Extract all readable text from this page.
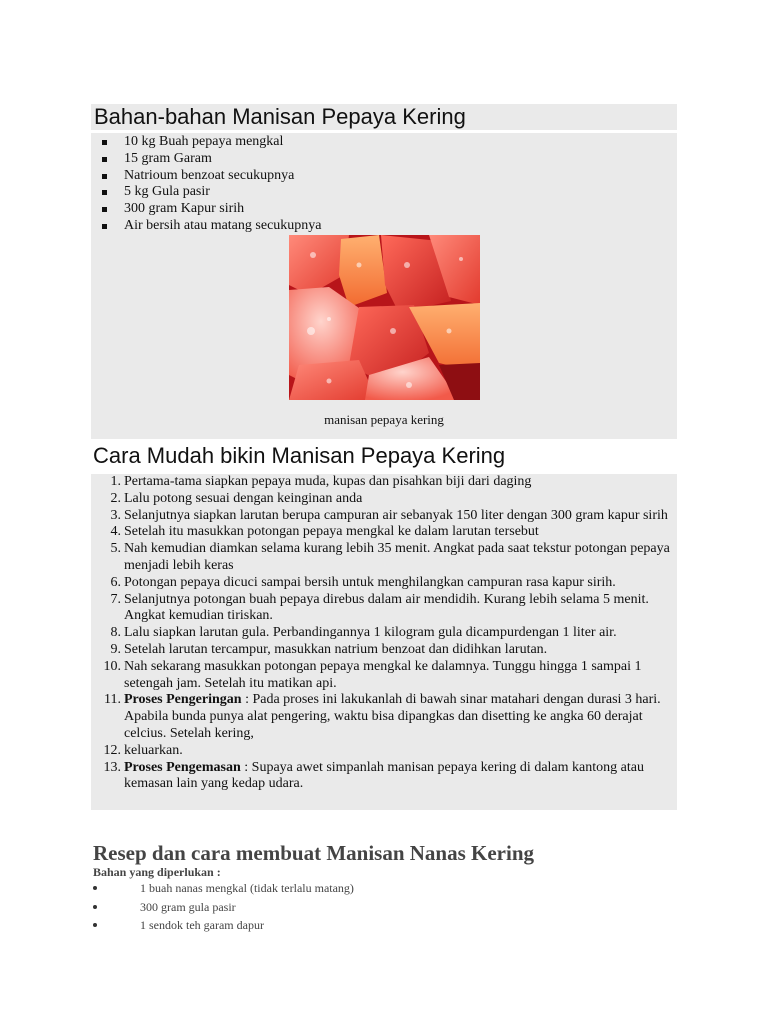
Bahan-bahan Manisan Pepaya Kering
10 kg Buah pepaya mengkal
15 gram Garam
Natrioum benzoat secukupnya
5 kg Gula pasir
300 gram Kapur sirih
Air bersih atau matang secukupnya
manisan pepaya kering
Cara Mudah bikin Manisan Pepaya Kering
1. Pertama-tama siapkan pepaya muda, kupas dan pisahkan biji dari daging
2. Lalu potong sesuai dengan keinginan anda
3. Selanjutnya siapkan larutan berupa campuran air sebanyak 150 liter dengan 300 gram kapur sirih
4. Setelah itu masukkan potongan pepaya mengkal ke dalam larutan tersebut
5. Nah kemudian diamkan selama kurang lebih 35 menit. Angkat pada saat tekstur potongan pepaya menjadi lebih keras
6. Potongan pepaya dicuci sampai bersih untuk menghilangkan campuran rasa kapur sirih.
7. Selanjutnya potongan buah pepaya direbus dalam air mendidih. Kurang lebih selama 5 menit. Angkat kemudian tiriskan.
8. Lalu siapkan larutan gula. Perbandingannya 1 kilogram gula dicampurdengan 1 liter air.
9. Setelah larutan tercampur, masukkan natrium benzoat dan didihkan larutan.
10. Nah sekarang masukkan potongan pepaya mengkal ke dalamnya. Tunggu hingga 1 sampai 1 setengah jam. Setelah itu matikan api.
11. Proses Pengeringan : Pada proses ini lakukanlah di bawah sinar matahari dengan durasi 3 hari. Apabila bunda punya alat pengering, waktu bisa dipangkas dan disetting ke angka 60 derajat celcius. Setelah kering,
12. keluarkan.
13. Proses Pengemasan : Supaya awet simpanlah manisan pepaya kering di dalam kantong atau kemasan lain yang kedap udara.
Resep dan cara membuat Manisan Nanas Kering

Bahan yang diperlukan :

1 buah nanas mengkal (tidak terlalu matang)
300 gram gula pasir
1 sendok teh garam dapur
